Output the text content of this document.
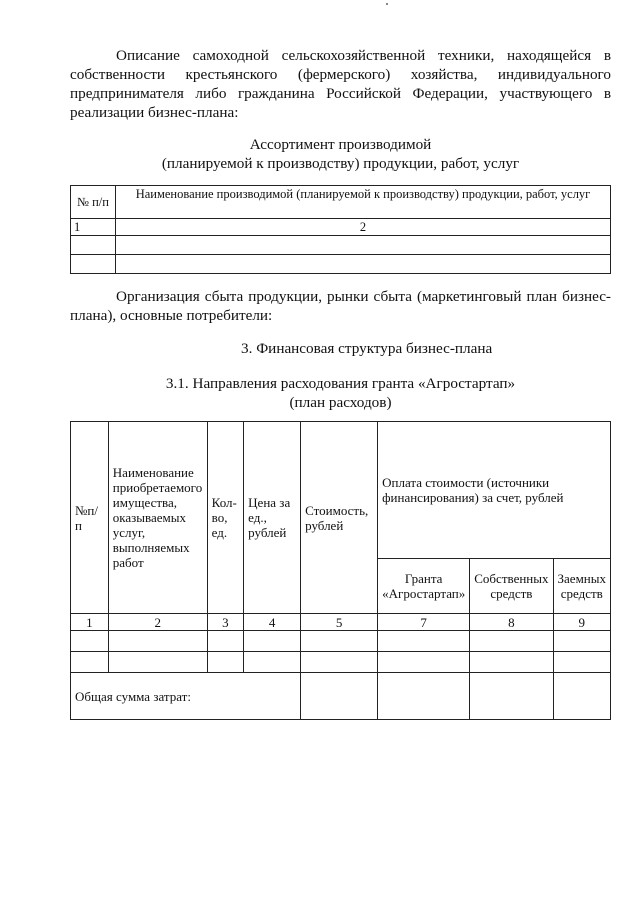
Описание самоходной сельскохозяйственной техники, находящейся в собственности крестьянского (фермерского) хозяйства, индивидуального предпринимателя либо гражданина Российской Федерации, участвующего в реализации бизнес-плана:

Ассортимент производимой
(планируемой к производству) продукции, работ, услуг
№ п/п	Наименование производимой (планируемой к производству) продукции, работ, услуг
1	2

Организация сбыта продукции, рынки сбыта (маркетинговый план бизнес-плана), основные потребители:

3. Финансовая структура бизнес-плана
3.1. Направления расходования гранта «Агростартап»
(план расходов)
№п/п	Наименование приобретаемого имущества, оказываемых услуг, выполняемых работ	Кол-во, ед.	Цена за ед., рублей	Стоимость, рублей	Оплата стоимости (источники финансирования) за счет, рублей		
					Гранта «Агростартап»	Собственных средств	Заемных средств
1	2	3	4	5	7	8	9

Общая сумма затрат:							
